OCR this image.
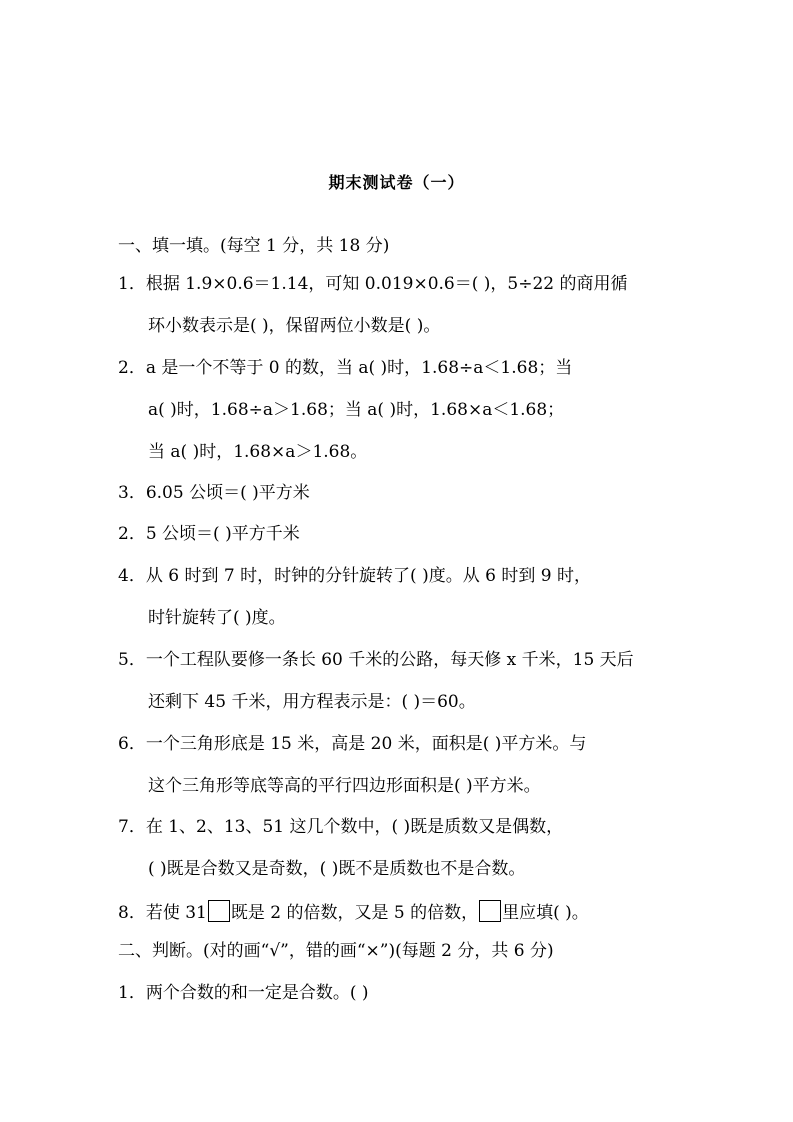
期末测试卷（一）
一、填一填。(每空 1 分，共 18 分)
1．根据 1.9×0.6＝1.14，可知 0.019×0.6＝( )，5÷22 的商用循
环小数表示是( )，保留两位小数是( )。
2．a 是一个不等于 0 的数，当 a( )时，1.68÷a＜1.68；当
a( )时，1.68÷a＞1.68；当 a( )时，1.68×a＜1.68；
当 a( )时，1.68×a＞1.68。
3．6.05 公顷＝( )平方米
2．5 公顷＝( )平方千米
4．从 6 时到 7 时，时钟的分针旋转了( )度。从 6 时到 9 时，
时针旋转了( )度。
5．一个工程队要修一条长 60 千米的公路，每天修 x 千米，15 天后
还剩下 45 千米，用方程表示是：( )＝60。
6．一个三角形底是 15 米，高是 20 米，面积是( )平方米。与
这个三角形等底等高的平行四边形面积是( )平方米。
7．在 1、2、13、51 这几个数中，( )既是质数又是偶数，
( )既是合数又是奇数，( )既不是质数也不是合数。
8．若使 31 既是 2 的倍数，又是 5 的倍数， 里应填( )。
二、判断。(对的画“√”，错的画“×”)(每题 2 分，共 6 分)
1．两个合数的和一定是合数。( )
